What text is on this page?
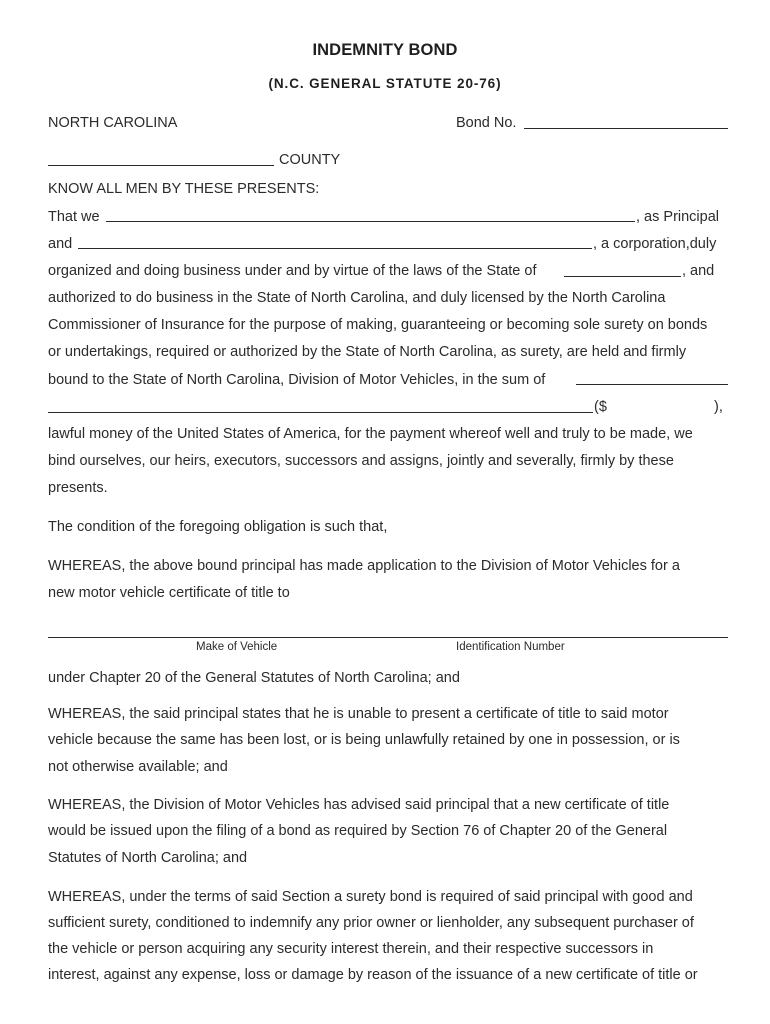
INDEMNITY BOND
(N.C. GENERAL STATUTE 20-76)
NORTH CAROLINA	Bond No.
COUNTY
KNOW ALL MEN BY THESE PRESENTS:
That we	, as Principal
and	, a corporation,duly
organized and doing business under and by virtue of the laws of the State of	, and
authorized to do business in the State of North Carolina, and duly licensed by the North Carolina
Commissioner of Insurance for the purpose of making, guaranteeing or becoming sole surety on bonds
or undertakings, required or authorized by the State of North Carolina, as surety, are held and firmly
bound to the State of North Carolina, Division of Motor Vehicles, in the sum of
($	),
lawful money of the United States of America, for the payment whereof well and truly to be made, we
bind ourselves, our heirs, executors, successors and assigns, jointly and severally, firmly by these
presents.
The condition of the foregoing obligation is such that,
WHEREAS, the above bound principal has made application to the Division of Motor Vehicles for a
new motor vehicle certificate of title to
Make of Vehicle	Identification Number
under Chapter 20 of the General Statutes of North Carolina; and
WHEREAS, the said principal states that he is unable to present a certificate of title to said motor
vehicle because the same has been lost, or is being unlawfully retained by one in possession, or is
not otherwise available; and
WHEREAS, the Division of Motor Vehicles has advised said principal that a new certificate of title
would be issued upon the filing of a bond as required by Section 76 of Chapter 20 of the General
Statutes of North Carolina; and
WHEREAS, under the terms of said Section a surety bond is required of said principal with good and
sufficient surety, conditioned to indemnify any prior owner or lienholder, any subsequent purchaser of
the vehicle or person acquiring any security interest therein, and their respective successors in
interest, against any expense, loss or damage by reason of the issuance of a new certificate of title or
